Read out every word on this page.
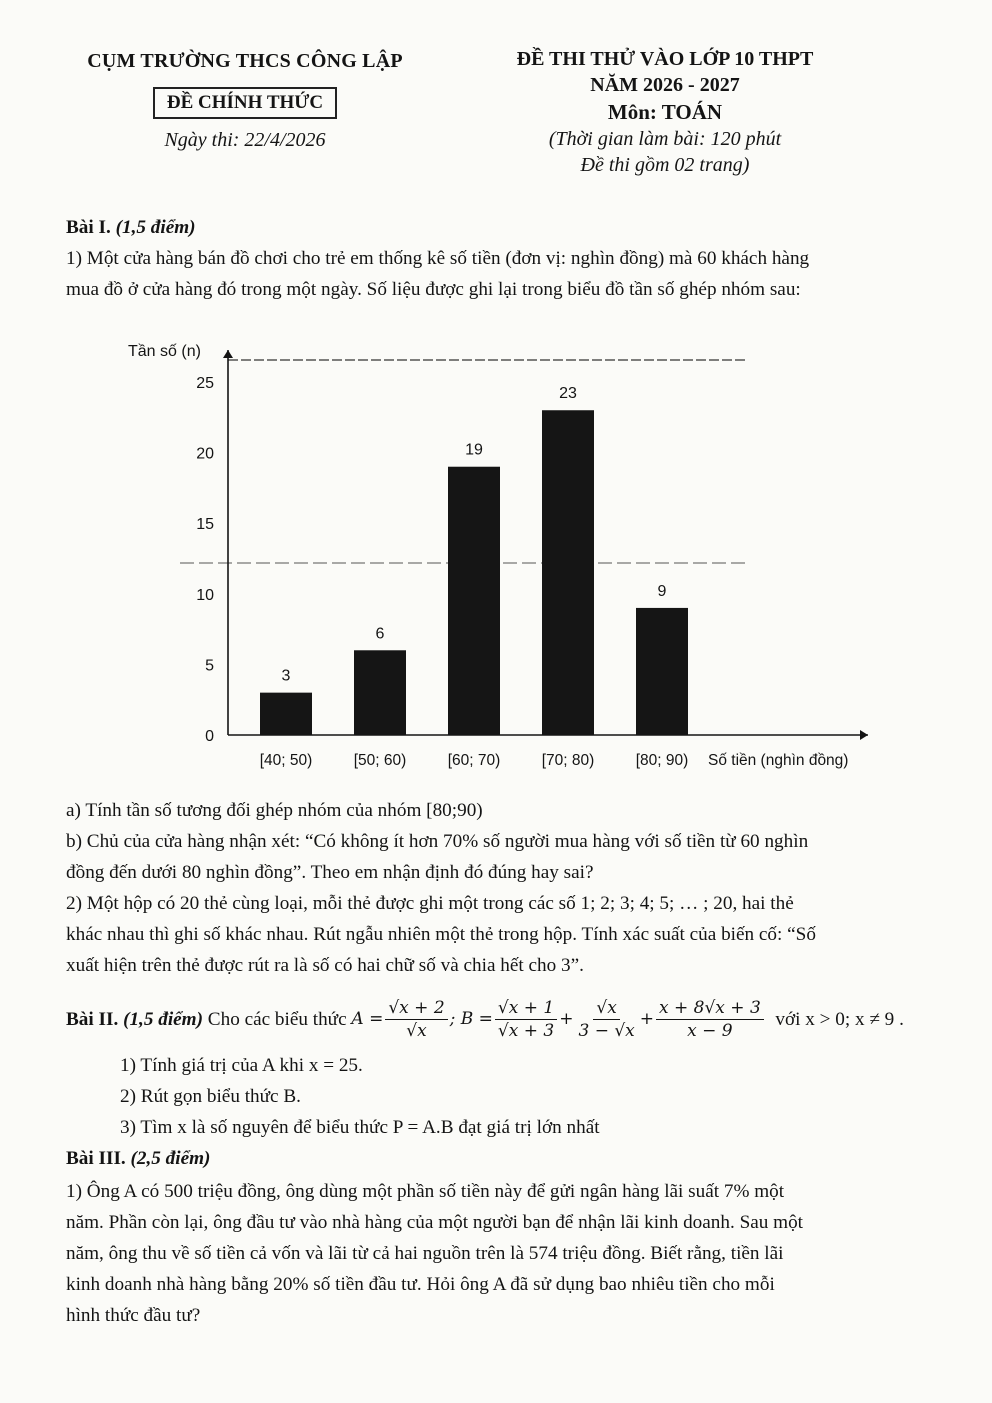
CỤM TRƯỜNG THCS CÔNG LẬP
ĐỀ CHÍNH THỨC
Ngày thi: 22/4/2026
ĐỀ THI THỬ VÀO LỚP 10 THPT
NĂM 2026 - 2027
Môn: TOÁN
(Thời gian làm bài: 120 phút
Đề thi gồm 02 trang)
Bài I. (1,5 điểm)
1) Một cửa hàng bán đồ chơi cho trẻ em thống kê số tiền (đơn vị: nghìn đồng) mà 60 khách hàng
mua đồ ở cửa hàng đó trong một ngày. Số liệu được ghi lại trong biểu đồ tần số ghép nhóm sau:
Tần số (n)
0
5
10
15
20
25
3
[40; 50)
6
[50; 60)
19
[60; 70)
23
[70; 80)
9
[80; 90) Số tiền (nghìn đồng)
a) Tính tần số tương đối ghép nhóm của nhóm [80;90)
b) Chủ của cửa hàng nhận xét: “Có không ít hơn 70% số người mua hàng với số tiền từ 60 nghìn
đồng đến dưới 80 nghìn đồng”. Theo em nhận định đó đúng hay sai?
2) Một hộp có 20 thẻ cùng loại, mỗi thẻ được ghi một trong các số 1; 2; 3; 4; 5; … ; 20, hai thẻ
khác nhau thì ghi số khác nhau. Rút ngẫu nhiên một thẻ trong hộp. Tính xác suất của biến cố: “Số
xuất hiện trên thẻ được rút ra là số có hai chữ số và chia hết cho 3”.
Bài II.
(1,5 điểm)
Cho các biểu thức
$A = \frac{√x + 2}{√x}$ ; $B = \frac{√x + 1}{√x + 3} + \frac{√x}{3 - √x} + \frac{x + 8√x + 3}{x - 9}$
với x > 0; x ≠ 9 .
1) Tính giá trị của A khi x = 25.
2) Rút gọn biểu thức B.
3) Tìm x là số nguyên để biểu thức P = A.B đạt giá trị lớn nhất
Bài III. (2,5 điểm)
1) Ông A có 500 triệu đồng, ông dùng một phần số tiền này để gửi ngân hàng lãi suất 7% một
năm. Phần còn lại, ông đầu tư vào nhà hàng của một người bạn để nhận lãi kinh doanh. Sau một
năm, ông thu về số tiền cả vốn và lãi từ cả hai nguồn trên là 574 triệu đồng. Biết rằng, tiền lãi
kinh doanh nhà hàng bằng 20% số tiền đầu tư. Hỏi ông A đã sử dụng bao nhiêu tiền cho mỗi
hình thức đầu tư?
